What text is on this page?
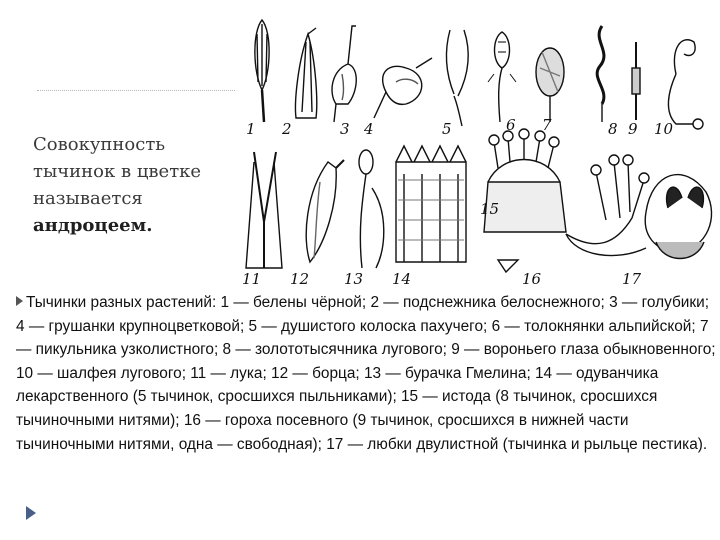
Совокупность тычинок в цветке называется андроцеем.
1 2	3 4	5	6 7	8 9 10
11 12 13 14
15
16	17
Тычинки разных растений: 1 — белены чёрной; 2 — подснежника белоснежного; 3 — голубики; 4 — грушанки крупноцветковой; 5 — душистого колоска пахучего; 6 — толокнянки альпийской; 7 — пикульника узколистного; 8 — золототысячника лугового; 9 — вороньего глаза обыкновенного; 10 — шалфея лугового; 11 — лука; 12 — борца; 13 — бурачка Гмелина; 14 — одуванчика лекарственного (5 тычинок, сросшихся пыльниками); 15 — истода (8 тычинок, сросшихся тычиночными нитями); 16 — гороха посевного (9 тычинок, сросшихся в нижней части тычиночными нитями, одна — свободная); 17 — любки двулистной (тычинка и рыльце пестика).
